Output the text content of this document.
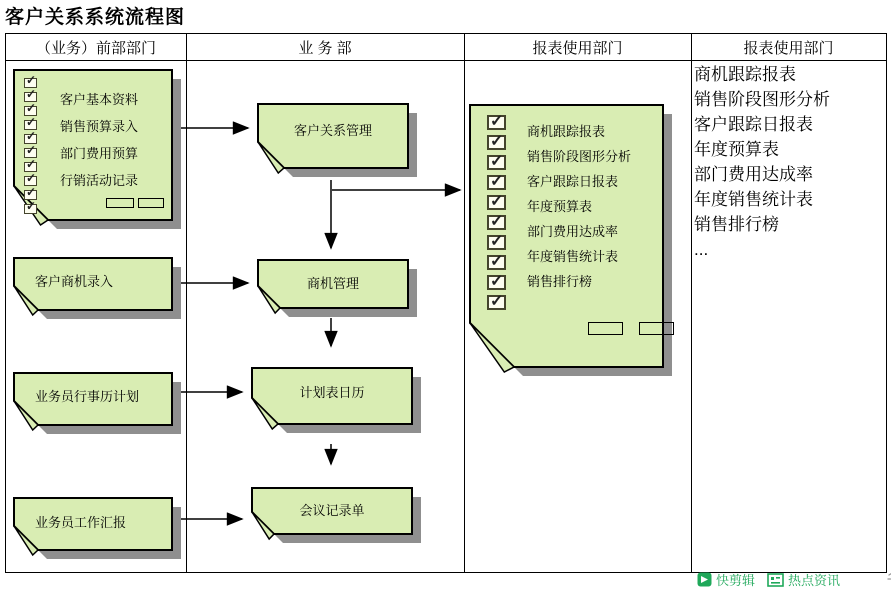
客户关系系统流程图
（业务）前部部门	业 务 部	报表使用部门	报表使用部门
✓
✓
✓
✓
✓
✓
✓
✓
✓
✓
客户基本资料
销售预算录入
部门费用预算
行销活动记录
客户商机录入
业务员行事历计划
业务员工作汇报
客户关系管理
商机管理
计划表日历
会议记录单
✓
✓
✓
✓
✓
✓
✓
✓
✓
✓
商机跟踪报表
销售阶段图形分析
客户跟踪日报表
年度预算表
部门费用达成率
年度销售统计表
销售排行榜
商机跟踪报表
销售阶段图形分析
客户跟踪日报表
年度预算表
部门费用达成率
年度销售统计表
销售排行榜
...
快剪辑	热点资讯
